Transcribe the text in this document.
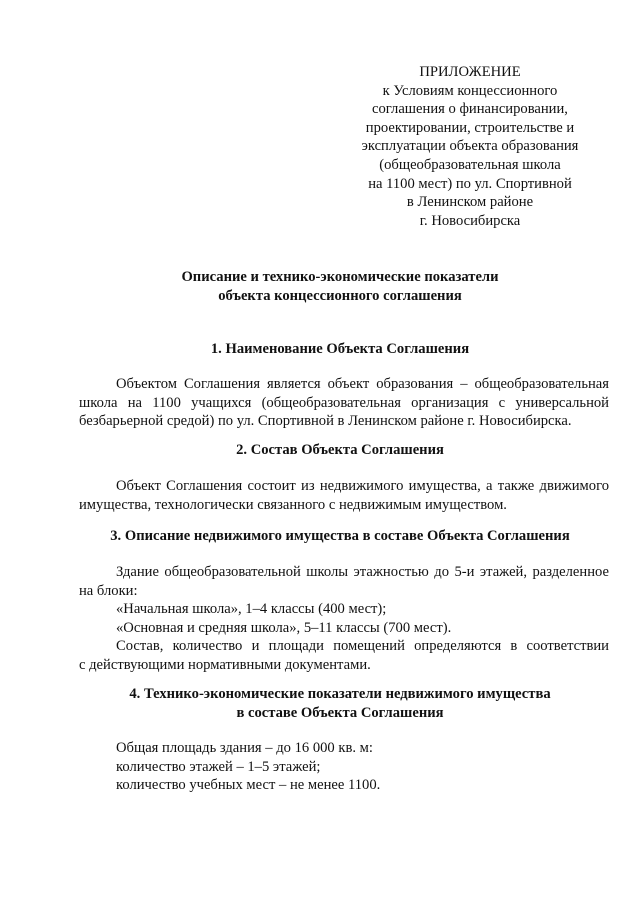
ПРИЛОЖЕНИЕ
к Условиям концессионного
соглашения о финансировании,
проектировании, строительстве и
эксплуатации объекта образования
(общеобразовательная школа
на 1100 мест) по ул. Спортивной
в Ленинском районе
г. Новосибирска
Описание и технико-экономические показатели
объекта концессионного соглашения
1. Наименование Объекта Соглашения
Объектом Соглашения является объект образования – общеобразовательная
школа на 1100 учащихся (общеобразовательная организация с универсальной
безбарьерной средой) по ул. Спортивной в Ленинском районе г. Новосибирска.
2. Состав Объекта Соглашения
Объект Соглашения состоит из недвижимого имущества, а также движимого
имущества, технологически связанного с недвижимым имуществом.
3. Описание недвижимого имущества в составе Объекта Соглашения
Здание общеобразовательной школы этажностью до 5-и этажей, разделенное
на блоки:
«Начальная школа», 1–4 классы (400 мест);
«Основная и средняя школа», 5–11 классы (700 мест).
Состав, количество и площади помещений определяются в соответствии
с действующими нормативными документами.
4. Технико-экономические показатели недвижимого имущества
в составе Объекта Соглашения
Общая площадь здания – до 16 000 кв. м:
количество этажей – 1–5 этажей;
количество учебных мест – не менее 1100.
